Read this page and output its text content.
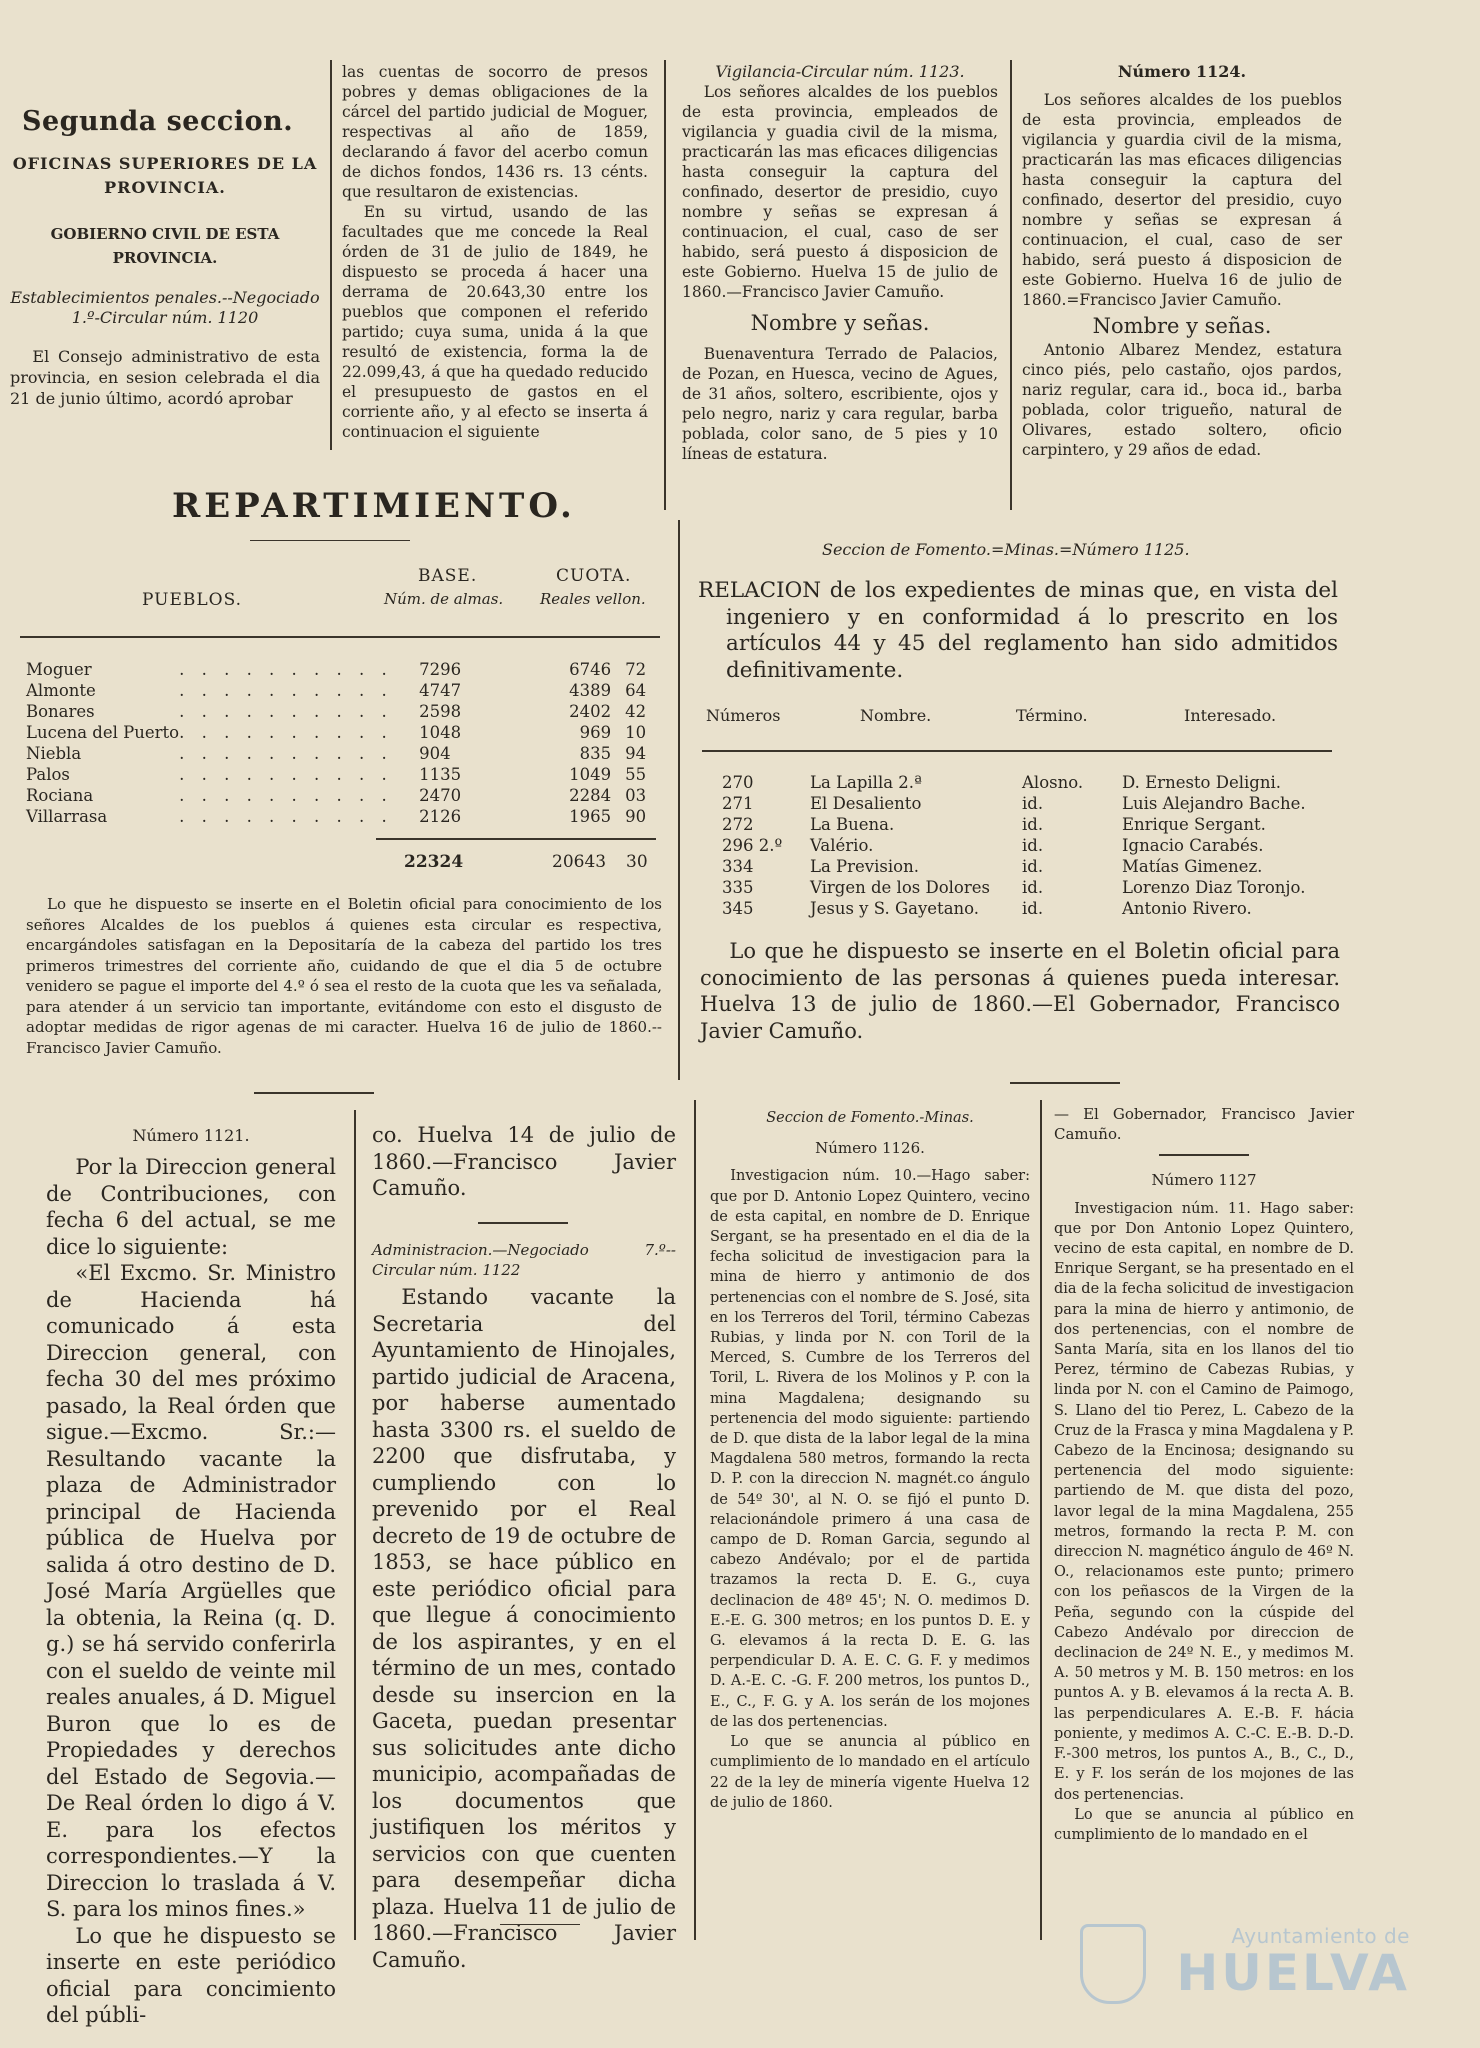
Segunda seccion.
OFICINAS SUPERIORES DE LA PROVINCIA.
GOBIERNO CIVIL DE ESTA PROVINCIA.
Establecimientos penales.--Negociado 1.º-Circular núm. 1120

El Consejo administrativo de esta provincia, en sesion celebrada el dia 21 de junio último, acordó aprobar

las cuentas de socorro de presos pobres y demas obligaciones de la cárcel del partido judicial de Moguer, respectivas al año de 1859, declarando á favor del acerbo comun de dichos fondos, 1436 rs. 13 cénts. que resultaron de existencias.

En su virtud, usando de las facultades que me concede la Real órden de 31 de julio de 1849, he dispuesto se proceda á hacer una derrama de 20.643,30 entre los pueblos que componen el referido partido; cuya suma, unida á la que resultó de existencia, forma la de 22.099,43, á que ha quedado reducido el presupuesto de gastos en el corriente año, y al efecto se inserta á continuacion el siguiente

Vigilancia-Circular núm. 1123.

Los señores alcaldes de los pueblos de esta provincia, empleados de vigilancia y guadia civil de la misma, practicarán las mas eficaces diligencias hasta conseguir la captura del confinado, desertor de presidio, cuyo nombre y señas se expresan á continuacion, el cual, caso de ser habido, será puesto á disposicion de este Gobierno. Huelva 15 de julio de 1860.—Francisco Javier Camuño.

Nombre y señas.

Buenaventura Terrado de Palacios, de Pozan, en Huesca, vecino de Agues, de 31 años, soltero, escribiente, ojos y pelo negro, nariz y cara regular, barba poblada, color sano, de 5 pies y 10 líneas de estatura.

Número 1124.

Los señores alcaldes de los pueblos de esta provincia, empleados de vigilancia y guardia civil de la misma, practicarán las mas eficaces diligencias hasta conseguir la captura del confinado, desertor del presidio, cuyo nombre y señas se expresan á continuacion, el cual, caso de ser habido, será puesto á disposicion de este Gobierno. Huelva 16 de julio de 1860.=Francisco Javier Camuño.

Nombre y señas.

Antonio Albarez Mendez, estatura cinco piés, pelo castaño, ojos pardos, nariz regular, cara id., boca id., barba poblada, color trigueño, natural de Olivares, estado soltero, oficio carpintero, y 29 años de edad.

REPARTIMIENTO.
PUEBLOS.
BASE.
Núm. de almas.
CUOTA.
Reales vellon.
Moguer	. . . . . . . . . .	7296	6746	72
Almonte	. . . . . . . . . .	4747	4389	64
Bonares	. . . . . . . . . .	2598	2402	42
Lucena del Puerto	. . . . . . . . . .	1048	969	10
Niebla	. . . . . . . . . .	904	835	94
Palos	. . . . . . . . . .	1135	1049	55
Rociana	. . . . . . . . . .	2470	2284	03
Villarrasa	. . . . . . . . . .	2126	1965	90
22324	20643 30

Lo que he dispuesto se inserte en el Boletin oficial para conocimiento de los señores Alcaldes de los pueblos á quienes esta circular es respectiva, encargándoles satisfagan en la Depositaría de la cabeza del partido los tres primeros trimestres del corriente año, cuidando de que el dia 5 de octubre venidero se pague el importe del 4.º ó sea el resto de la cuota que les va señalada, para atender á un servicio tan importante, evitándome con esto el disgusto de adoptar medidas de rigor agenas de mi caracter. Huelva 16 de julio de 1860.--Francisco Javier Camuño.

Seccion de Fomento.=Minas.=Número 1125.

RELACION de los expedientes de minas que, en vista del ingeniero y en conformidad á lo prescrito en los artículos 44 y 45 del reglamento han sido admitidos definitivamente.

Números	Nombre.	Término.	Interesado.
270	La Lapilla 2.ª	Alosno.	D. Ernesto Deligni.
271	El Desaliento	id.	Luis Alejandro Bache.
272	La Buena.	id.	Enrique Sergant.
296 2.º	Valério.	id.	Ignacio Carabés.
334	La Prevision.	id.	Matías Gimenez.
335	Virgen de los Dolores	id.	Lorenzo Diaz Toronjo.
345	Jesus y S. Gayetano.	id.	Antonio Rivero.

Lo que he dispuesto se inserte en el Boletin oficial para conocimiento de las personas á quienes pueda interesar. Huelva 13 de julio de 1860.—El Gobernador, Francisco Javier Camuño.

Número 1121.

Por la Direccion general de Contribuciones, con fecha 6 del actual, se me dice lo siguiente:

«El Excmo. Sr. Ministro de Hacienda há comunicado á esta Direccion general, con fecha 30 del mes próximo pasado, la Real órden que sigue.—Excmo. Sr.:—Resultando vacante la plaza de Administrador principal de Hacienda pública de Huelva por salida á otro destino de D. José María Argüelles que la obtenia, la Reina (q. D. g.) se há servido conferirla con el sueldo de veinte mil reales anuales, á D. Miguel Buron que lo es de Propiedades y derechos del Estado de Segovia.—De Real órden lo digo á V. E. para los efectos correspondientes.—Y la Direccion lo traslada á V. S. para los minos fines.»

Lo que he dispuesto se inserte en este periódico oficial para concimiento del públi-

co. Huelva 14 de julio de 1860.—Francisco Javier Camuño.

Administracion.—Negociado 7.º--Circular núm. 1122

Estando vacante la Secretaria del Ayuntamiento de Hinojales, partido judicial de Aracena, por haberse aumentado hasta 3300 rs. el sueldo de 2200 que disfrutaba, y cumpliendo con lo prevenido por el Real decreto de 19 de octubre de 1853, se hace público en este periódico oficial para que llegue á conocimiento de los aspirantes, y en el término de un mes, contado desde su insercion en la Gaceta, puedan presentar sus solicitudes ante dicho municipio, acompañadas de los documentos que justifiquen los méritos y servicios con que cuenten para desempeñar dicha plaza. Huelva 11 de julio de 1860.—Francisco Javier Camuño.

Seccion de Fomento.-Minas.
Número 1126.

Investigacion núm. 10.—Hago saber: que por D. Antonio Lopez Quintero, vecino de esta capital, en nombre de D. Enrique Sergant, se ha presentado en el dia de la fecha solicitud de investigacion para la mina de hierro y antimonio de dos pertenencias con el nombre de S. José, sita en los Terreros del Toril, término Cabezas Rubias, y linda por N. con Toril de la Merced, S. Cumbre de los Terreros del Toril, L. Rivera de los Molinos y P. con la mina Magdalena; designando su pertenencia del modo siguiente: partiendo de D. que dista de la labor legal de la mina Magdalena 580 metros, formando la recta D. P. con la direccion N. magnét.co ángulo de 54º 30', al N. O. se fijó el punto D. relacionándole primero á una casa de campo de D. Roman Garcia, segundo al cabezo Andévalo; por el de partida trazamos la recta D. E. G., cuya declinacion de 48º 45'; N. O. medimos D. E.-E. G. 300 metros; en los puntos D. E. y G. elevamos á la recta D. E. G. las perpendicular D. A. E. C. G. F. y medimos D. A.-E. C. -G. F. 200 metros, los puntos D., E., C., F. G. y A. los serán de los mojones de las dos pertenencias.

Lo que se anuncia al público en cumplimiento de lo mandado en el artículo 22 de la ley de minería vigente Huelva 12 de julio de 1860.

— El Gobernador, Francisco Javier Camuño.

Número 1127

Investigacion núm. 11. Hago saber: que por Don Antonio Lopez Quintero, vecino de esta capital, en nombre de D. Enrique Sergant, se ha presentado en el dia de la fecha solicitud de investigacion para la mina de hierro y antimonio, de dos pertenencias, con el nombre de Santa María, sita en los llanos del tio Perez, término de Cabezas Rubias, y linda por N. con el Camino de Paimogo, S. Llano del tio Perez, L. Cabezo de la Cruz de la Frasca y mina Magdalena y P. Cabezo de la Encinosa; designando su pertenencia del modo siguiente: partiendo de M. que dista del pozo, lavor legal de la mina Magdalena, 255 metros, formando la recta P. M. con direccion N. magnético ángulo de 46º N. O., relacionamos este punto; primero con los peñascos de la Virgen de la Peña, segundo con la cúspide del Cabezo Andévalo por direccion de declinacion de 24º N. E., y medimos M. A. 50 metros y M. B. 150 metros: en los puntos A. y B. elevamos á la recta A. B. las perpendiculares A. E.-B. F. hácia poniente, y medimos A. C.-C. E.-B. D.-D. F.-300 metros, los puntos A., B., C., D., E. y F. los serán de los mojones de las dos pertenencias.

Lo que se anuncia al público en cumplimiento de lo mandado en el

Ayuntamiento de
HUELVA
